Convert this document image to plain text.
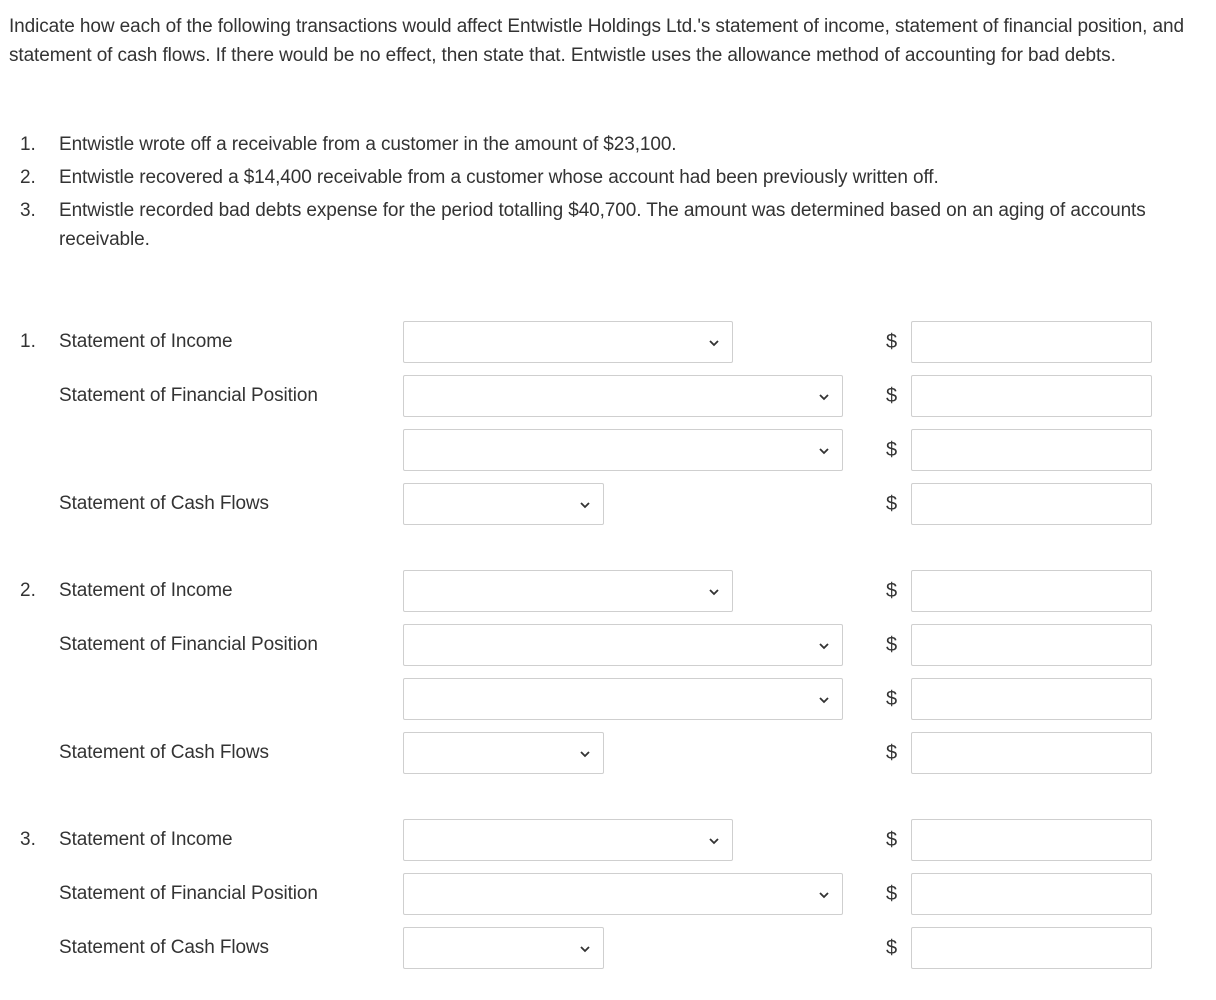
Indicate how each of the following transactions would affect Entwistle Holdings Ltd.'s statement of income, statement of financial position, and statement of cash flows. If there would be no effect, then state that. Entwistle uses the allowance method of accounting for bad debts.

1. Entwistle wrote off a receivable from a customer in the amount of $23,100.
2. Entwistle recovered a $14,400 receivable from a customer whose account had been previously written off.
3. Entwistle recorded bad debts expense for the period totalling $40,700. The amount was determined based on an aging of accounts receivable.
1. Statement of Income	$
Statement of Financial Position	$
$
Statement of Cash Flows	$
2. Statement of Income	$
Statement of Financial Position	$
$
Statement of Cash Flows	$
3. Statement of Income	$
Statement of Financial Position	$
Statement of Cash Flows	$
